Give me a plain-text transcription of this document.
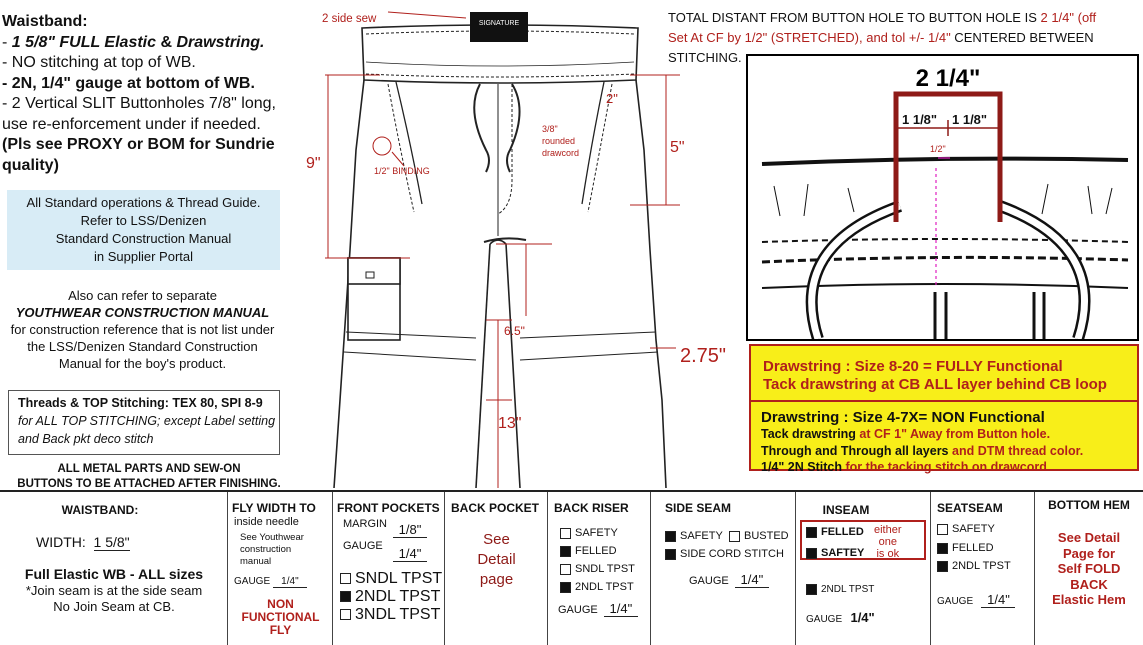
Waistband:
- 1 5/8" FULL Elastic & Drawstring.
- NO stitching at top of WB.
- 2N, 1/4" gauge at bottom of WB.
- 2 Vertical SLIT Buttonholes 7/8" long,
use re-enforcement under if needed.
(Pls see PROXY or BOM for Sundrie
quality)
All Standard operations & Thread Guide.
Refer to LSS/Denizen
Standard Construction Manual
in Supplier Portal
Also can refer to separate
YOUTHWEAR CONSTRUCTION MANUAL
for construction reference that is not list under
the LSS/Denizen Standard Construction
Manual for the boy's product.
Threads & TOP Stitching: TEX 80, SPI 8-9
for ALL TOP STITCHING; except Label setting
and Back pkt deco stitch
ALL METAL PARTS AND SEW-ON
BUTTONS TO BE ATTACHED AFTER FINISHING.
SIGNATURE
2 side sew
2"
9"
5"
1/2" BINDING
3/8"
rounded
drawcord
6.5"
2.75"
13"
TOTAL DISTANT FROM BUTTON HOLE TO BUTTON HOLE IS 2 1/4" (off
Set At CF by 1/2" (STRETCHED), and tol +/- 1/4" CENTERED BETWEEN
STITCHING.
2 1/4"
1 1/8" 1 1/8"
1/2"
Drawstring : Size 8-20 = FULLY Functional
Tack drawstring at CB ALL layer behind CB loop
Drawstring : Size 4-7X= NON Functional
Tack drawstring at CF 1" Away from Button hole.
Through and Through all layers and DTM thread color.
1/4" 2N Stitch for the tacking stitch on drawcord.
WAISTBAND:
WIDTH: 1 5/8"
Full Elastic WB - ALL sizes
*Join seam is at the side seam
No Join Seam at CB.
FLY WIDTH TO
inside needle
See Youthwear
construction
manual
GAUGE 1/4"
FRONT POCKETS
MARGIN 1/8"
GAUGE	1/4"
SNDL TPST
2NDL TPST
3NDL TPST
NON
FUNCTIONAL
FLY
BACK POCKET
See
Detail
page
BACK RISER
SAFETY
FELLED
SNDL TPST
2NDL TPST
GAUGE 1/4"
SIDE SEAM
SAFETY	BUSTED
SIDE CORD STITCH
GAUGE 1/4"
INSEAM
FELLED
SAFTEY
either
one
is ok
2NDL TPST
GAUGE 1/4"
SEATSEAM
SAFETY
FELLED
2NDL TPST
GAUGE 1/4"
BOTTOM HEM
See Detail
Page for
Self FOLD
BACK
Elastic Hem
